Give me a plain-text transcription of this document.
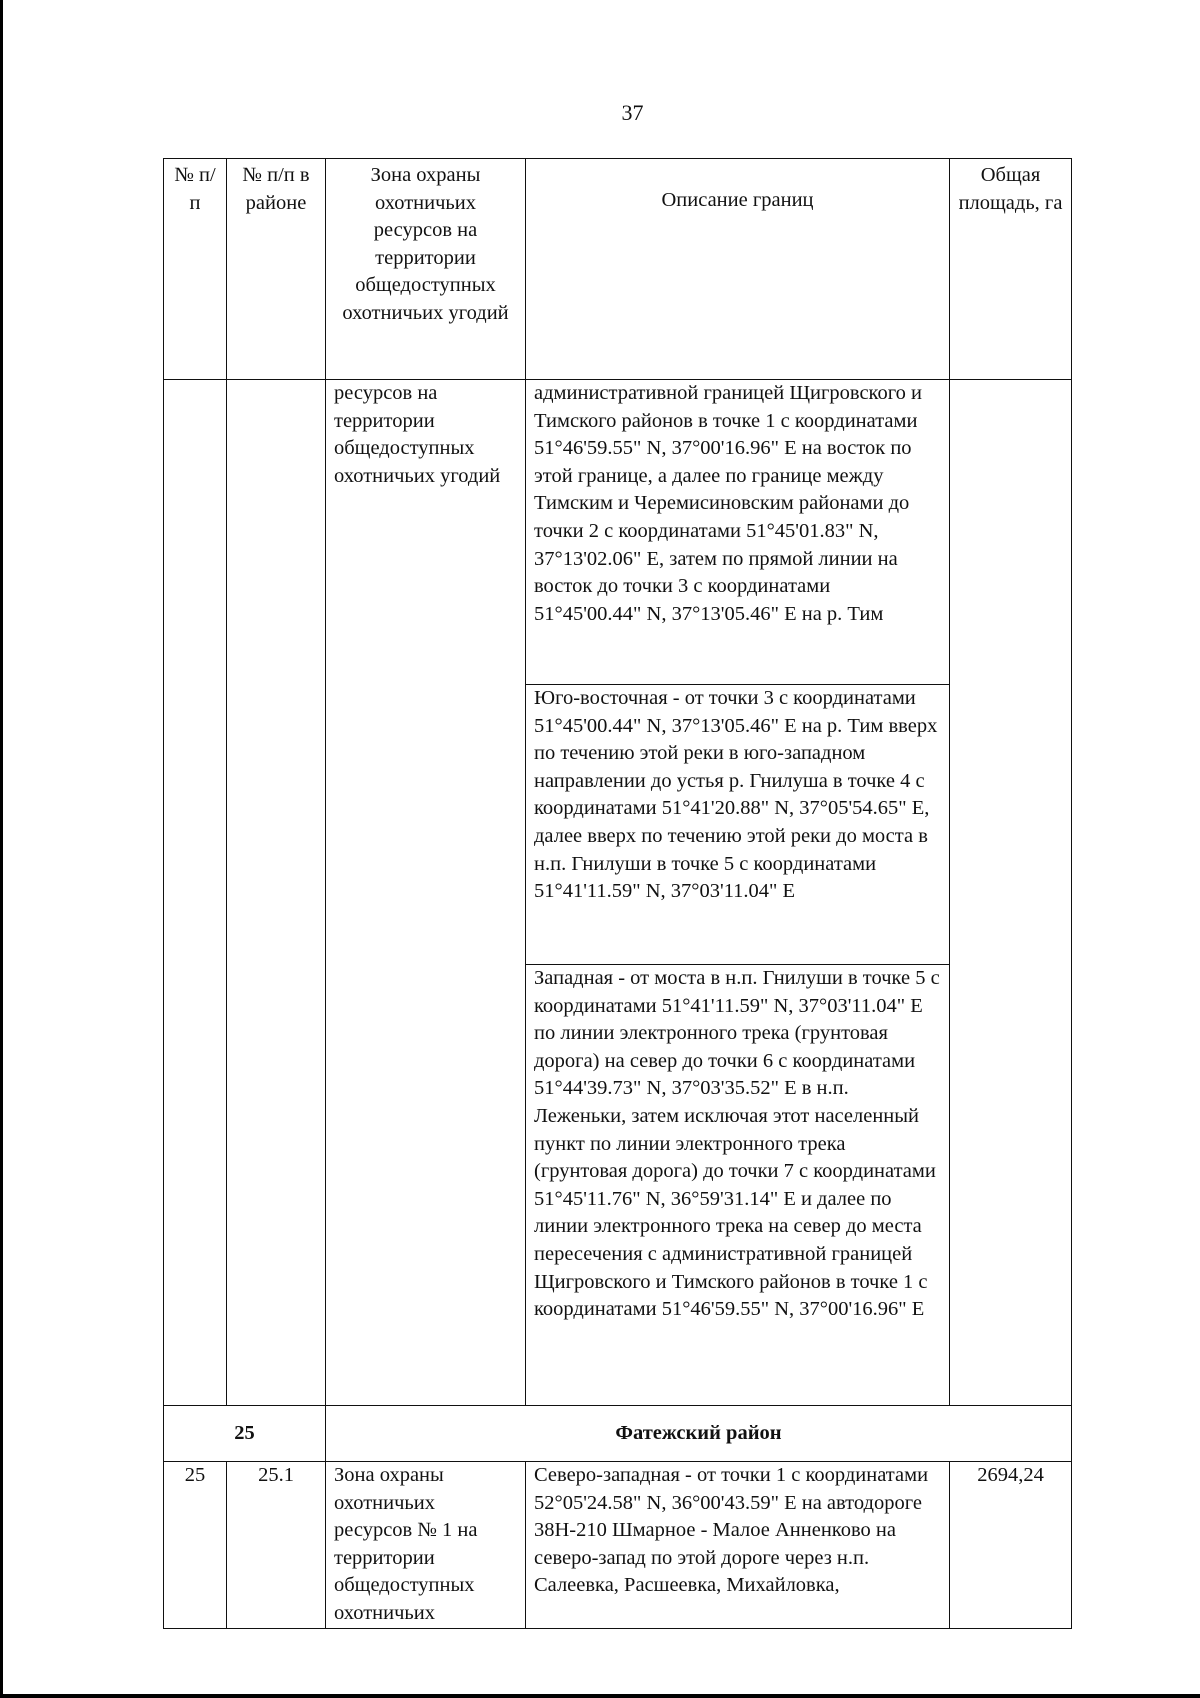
37
№ п/п	№ п/п в районе	Зона охраны охотничьих ресурсов на территории общедоступных охотничьих угодий	Описание границ	Общая площадь, га
		ресурсов на территории общедоступных охотничьих угодий	административной границей Щигровского и Тимского районов в точке 1 с координатами 51°46'59.55" N, 37°00'16.96" Е на восток по этой границе, а далее по границе между Тимским и Черемисиновским районами до точки 2 с координатами 51°45'01.83" N, 37°13'02.06" Е, затем по прямой линии на восток до точки 3 с координатами 51°45'00.44" N, 37°13'05.46" Е на р. Тим	
			Юго-восточная - от точки 3 с координатами 51°45'00.44" N, 37°13'05.46" Е на р. Тим вверх по течению этой реки в юго-западном направлении до устья р. Гнилуша в точке 4 с координатами 51°41'20.88" N, 37°05'54.65" Е, далее вверх по течению этой реки до моста в н.п. Гнилуши в точке 5 с координатами 51°41'11.59" N, 37°03'11.04" Е	
			Западная - от моста в н.п. Гнилуши в точке 5 с координатами 51°41'11.59" N, 37°03'11.04" Е по линии электронного трека (грунтовая дорога) на север до точки 6 с координатами 51°44'39.73" N, 37°03'35.52" Е в н.п. Леженьки, затем исключая этот населенный пункт по линии электронного трека (грунтовая дорога) до точки 7 с координатами 51°45'11.76" N, 36°59'31.14" Е и далее по линии электронного трека на север до места пересечения с административной границей Щигровского и Тимского районов в точке 1 с координатами 51°46'59.55" N, 37°00'16.96" Е	
25		Фатежский район		
25	25.1	Зона охраны охотничьих ресурсов № 1 на территории общедоступных охотничьих	Северо-западная - от точки 1 с координатами 52°05'24.58" N, 36°00'43.59" Е на автодороге 38Н-210 Шмарное - Малое Анненково на северо-запад по этой дороге через н.п. Салеевка, Расшеевка, Михайловка,	2694,24
